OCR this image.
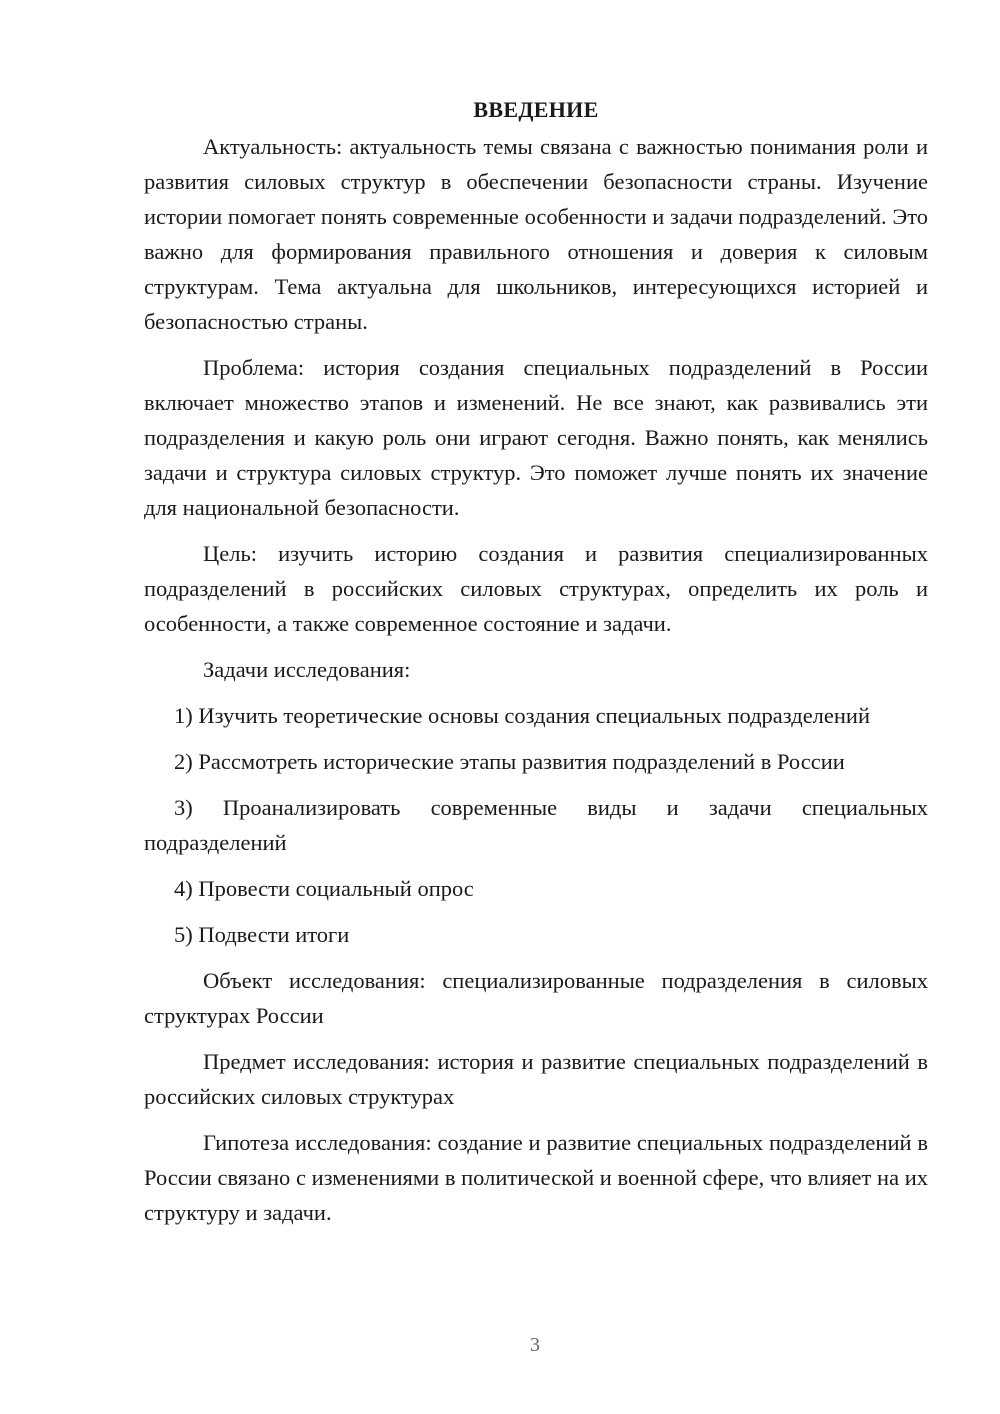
ВВЕДЕНИЕ

Актуальность: актуальность темы связана с важностью понимания роли и развития силовых структур в обеспечении безопасности страны. Изучение истории помогает понять современные особенности и задачи подразделений. Это важно для формирования правильного отношения и доверия к силовым структурам. Тема актуальна для школьников, интересующихся историей и безопасностью страны.

Проблема: история создания специальных подразделений в России включает множество этапов и изменений. Не все знают, как развивались эти подразделения и какую роль они играют сегодня. Важно понять, как менялись задачи и структура силовых структур. Это поможет лучше понять их значение для национальной безопасности.

Цель: изучить историю создания и развития специализированных подразделений в российских силовых структурах, определить их роль и особенности, а также современное состояние и задачи.

Задачи исследования:

1) Изучить теоретические основы создания специальных подразделений

2) Рассмотреть исторические этапы развития подразделений в России

3) Проанализировать современные виды и задачи специальных подразделений

4) Провести социальный опрос

5) Подвести итоги

Объект исследования: специализированные подразделения в силовых структурах России

Предмет исследования: история и развитие специальных подразделений в российских силовых структурах

Гипотеза исследования: создание и развитие специальных подразделений в России связано с изменениями в политической и военной сфере, что влияет на их структуру и задачи.

3
